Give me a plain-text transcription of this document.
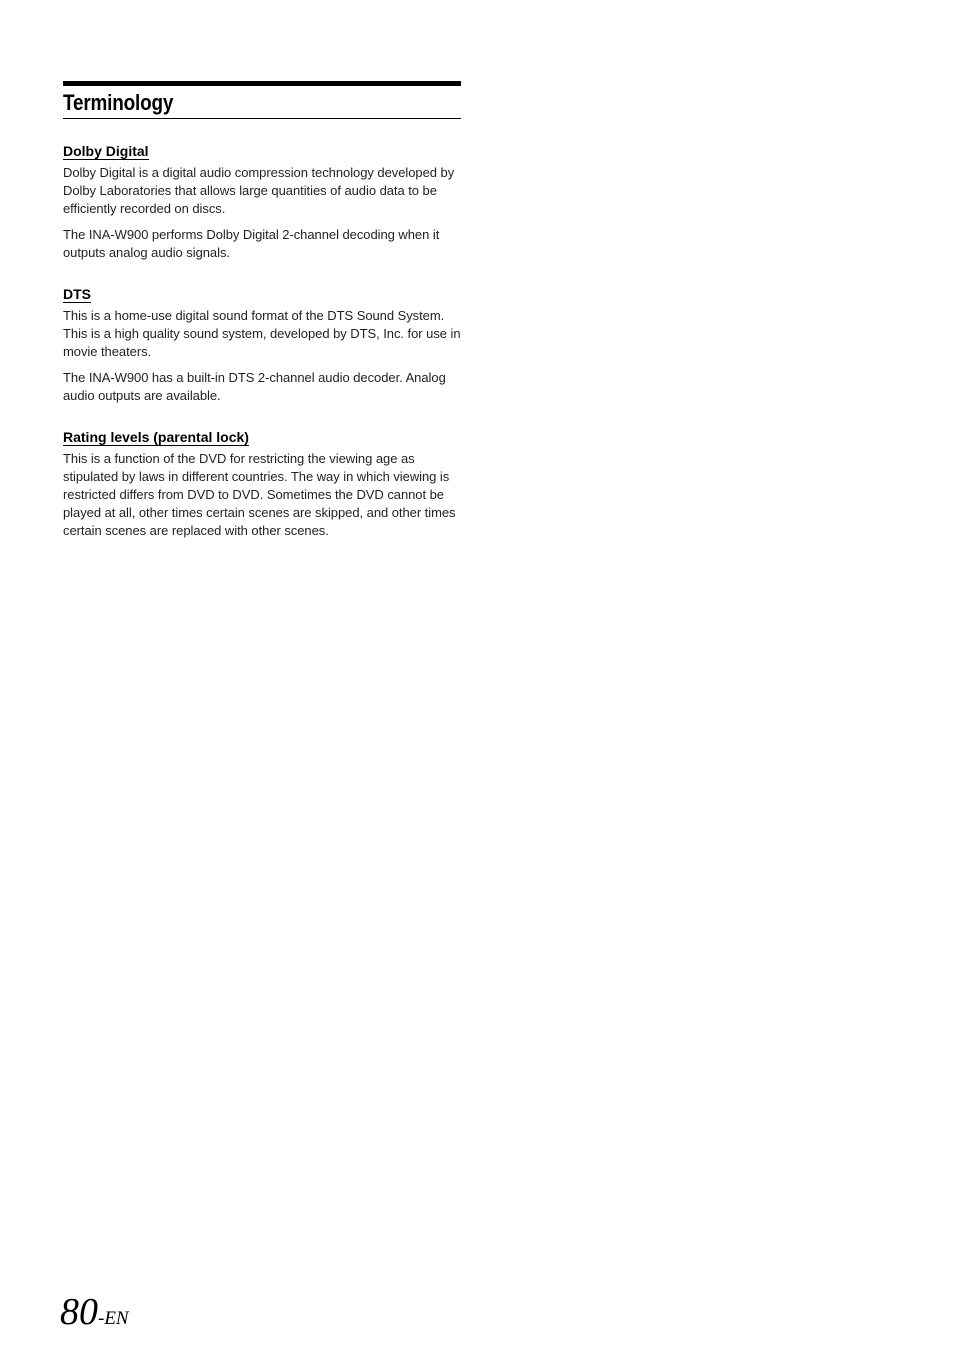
Terminology
Dolby Digital

Dolby Digital is a digital audio compression technology developed by Dolby Laboratories that allows large quantities of audio data to be efficiently recorded on discs.

The INA-W900 performs Dolby Digital 2-channel decoding when it outputs analog audio signals.

DTS

This is a home-use digital sound format of the DTS Sound System. This is a high quality sound system, developed by DTS, Inc. for use in movie theaters.

The INA-W900 has a built-in DTS 2-channel audio decoder. Analog audio outputs are available.

Rating levels (parental lock)

This is a function of the DVD for restricting the viewing age as stipulated by laws in different countries. The way in which viewing is restricted differs from DVD to DVD. Sometimes the DVD cannot be played at all, other times certain scenes are skipped, and other times certain scenes are replaced with other scenes.

80-EN
